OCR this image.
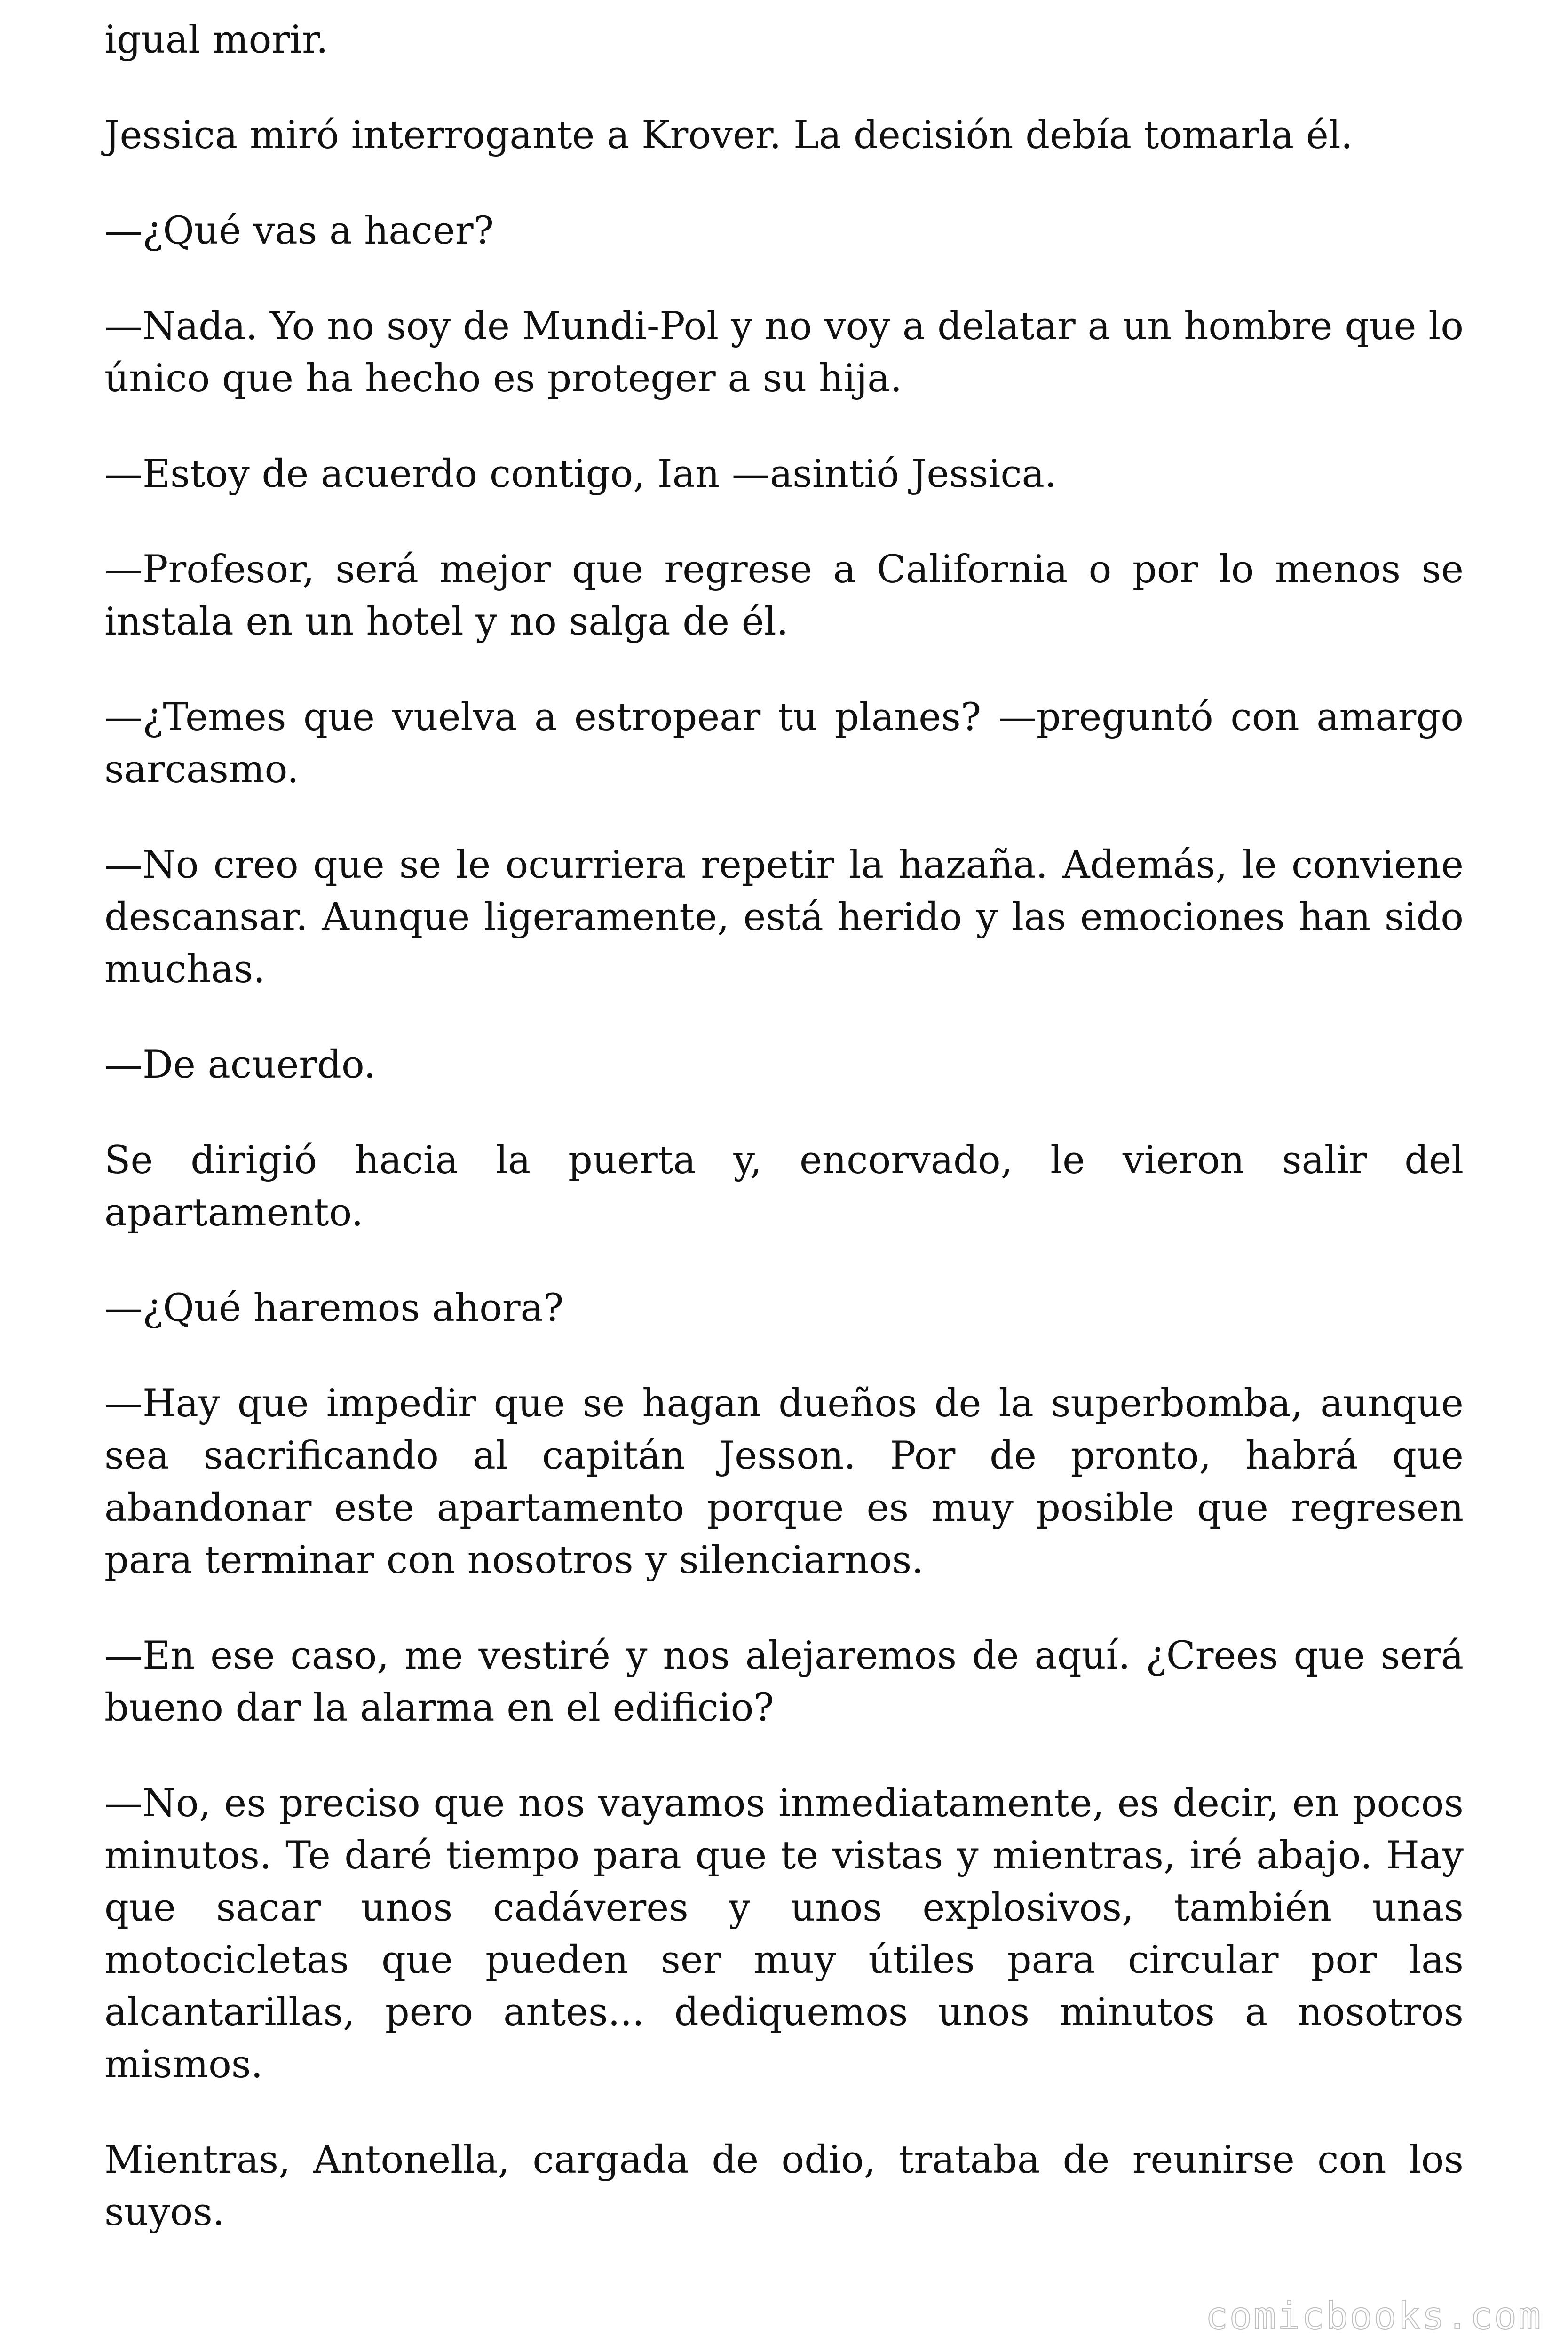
igual morir.

Jessica miró interrogante a Krover. La decisión debía tomarla él.

—¿Qué vas a hacer?

—Nada. Yo no soy de Mundi-Pol y no voy a delatar a un hombre que lo único que ha hecho es proteger a su hija.

—Estoy de acuerdo contigo, Ian —asintió Jessica.

—Profesor, será mejor que regrese a California o por lo menos se instala en un hotel y no salga de él.

—¿Temes que vuelva a estropear tu planes? —preguntó con amargo sarcasmo.

—No creo que se le ocurriera repetir la hazaña. Además, le conviene descansar. Aunque ligeramente, está herido y las emociones han sido muchas.

—De acuerdo.

Se dirigió hacia la puerta y, encorvado, le vieron salir del apartamento.

—¿Qué haremos ahora?

—Hay que impedir que se hagan dueños de la superbomba, aunque sea sacrificando al capitán Jesson. Por de pronto, habrá que abandonar este apartamento porque es muy posible que regresen para terminar con nosotros y silenciarnos.

—En ese caso, me vestiré y nos alejaremos de aquí. ¿Crees que será bueno dar la alarma en el edificio?

—No, es preciso que nos vayamos inmediatamente, es decir, en pocos minutos. Te daré tiempo para que te vistas y mientras, iré abajo. Hay que sacar unos cadáveres y unos explosivos, también unas motocicletas que pueden ser muy útiles para circular por las alcantarillas, pero antes... dediquemos unos minutos a nosotros mismos.

Mientras, Antonella, cargada de odio, trataba de reunirse con los suyos.

comicbooks.com
